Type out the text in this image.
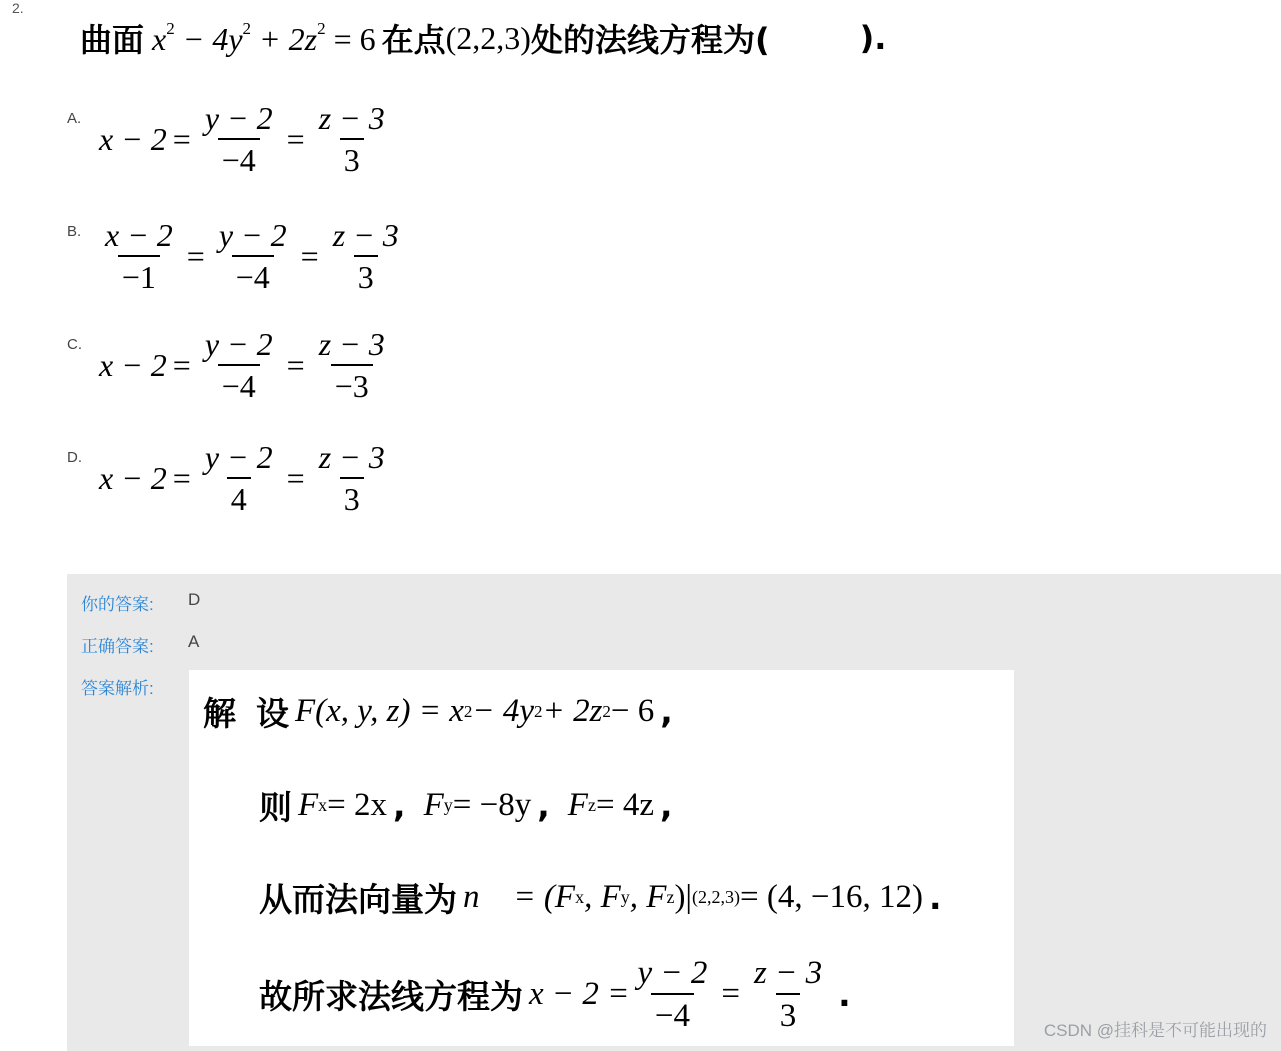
2.
曲面 $x^2 - 4y^2 + 2z^2 = 6$ 在点 (2,2,3) 处的法线方程为(
	).
A.
$x - 2 = \frac{y - 2}{-4} = \frac{z - 3}{3}$
B. $\frac{x - 2}{-1} = \frac{y - 2}{-4} = \frac{z - 3}{3}$
C.
$x - 2 = \frac{y - 2}{-4} = \frac{z - 3}{-3}$
D.
$x - 2 = \frac{y - 2}{4} = \frac{z - 3}{3}$
你的答案: D
正确答案: A
答案解析:
解 设 F(x, y, z) = x 2 − 4y 2 + 2z 2 − 6 ,
则 F x = 2x , F y = −8y , F z = 4z ,
从而法向量为 n⃗ = (F x , F y , F z )| (2,2,3) = (4, −16, 12) .
故所求法线方程为 $x - 2 = \frac{y - 2}{-4} = \frac{z - 3}{3}$ .
CSDN @挂科是不可能出现的
